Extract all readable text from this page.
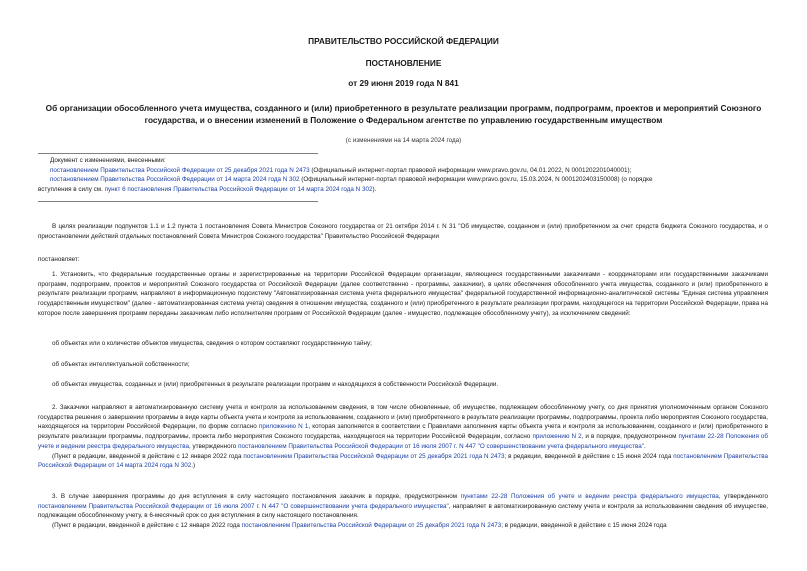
ПРАВИТЕЛЬСТВО РОССИЙСКОЙ ФЕДЕРАЦИИ
ПОСТАНОВЛЕНИЕ
от 29 июня 2019 года N 841
Об организации обособленного учета имущества, созданного и (или) приобретенного в результате реализации программ, подпрограмм, проектов и мероприятий Союзного государства, и о внесении изменений в Положение о Федеральном агентстве по управлению государственным имуществом
(с изменениями на 14 марта 2024 года)
Документ с изменениями, внесенными:
постановлением Правительства Российской Федерации от 25 декабря 2021 года N 2473 (Официальный интернет-портал правовой информации www.pravo.gov.ru, 04.01.2022, N 0001202201040001);
постановлением Правительства Российской Федерации от 14 марта 2024 года N 302 (Официальный интернет-портал правовой информации www.pravo.gov.ru, 15.03.2024, N 0001202403150008) (о порядке
вступления в силу см. пункт 6 постановления Правительства Российской Федерации от 14 марта 2024 года N 302).

В целях реализации подпунктов 1.1 и 1.2 пункта 1 постановления Совета Министров Союзного государства от 21 октября 2014 г. N 31 "Об имуществе, созданном и (или) приобретенном за счет средств бюджета Союзного государства, и о приостановлении действий отдельных постановлений Совета Министров Союзного государства" Правительство Российской Федерации

постановляет:

1. Установить, что федеральные государственные органы и зарегистрированные на территории Российской Федерации организации, являющиеся государственными заказчиками - координаторами или государственными заказчиками программ, подпрограмм, проектов и мероприятий Союзного государства от Российской Федерации (далее соответственно - программы, заказчики), в целях обеспечения обособленного учета имущества, созданного и (или) приобретенного в результате реализации программ, направляют в информационную подсистему "Автоматизированная система учета федерального имущества" федеральной государственной информационно-аналитической системы "Единая система управления государственным имуществом" (далее - автоматизированная система учета) сведения в отношении имущества, созданного и (или) приобретенного в результате реализации программ, находящегося на территории Российской Федерации, права на которое после завершения программ переданы заказчикам либо исполнителям программ от Российской Федерации (далее - имущество, подлежащее обособленному учету), за исключением сведений:

об объектах или о количестве объектов имущества, сведения о котором составляют государственную тайну;

об объектах интеллектуальной собственности;

об объектах имущества, созданных и (или) приобретенных в результате реализации программ и находящихся в собственности Российской Федерации.

2. Заказчики направляют в автоматизированную систему учета и контроля за использованием сведения, в том числе обновленные, об имуществе, подлежащем обособленному учету, со дня принятия уполномоченным органом Союзного государства решения о завершении программы в виде карты объекта учета и контроля за использованием, созданного и (или) приобретенного в результате реализации программы, подпрограммы, проекта либо мероприятия Союзного государства, находящегося на территории Российской Федерации, по форме согласно приложению N 1, которая заполняется в соответствии с Правилами заполнения карты объекта учета и контроля за использованием, созданного и (или) приобретенного в результате реализации программы, подпрограммы, проекта либо мероприятия Союзного государства, находящегося на территории Российской Федерации, согласно приложению N 2, и в порядке, предусмотренном пунктами 22-28 Положения об учете и ведении реестра федерального имущества, утвержденного постановлением Правительства Российской Федерации от 16 июля 2007 г. N 447 "О совершенствовании учета федерального имущества".

(Пункт в редакции, введенной в действие с 12 января 2022 года постановлением Правительства Российской Федерации от 25 декабря 2021 года N 2473; в редакции, введенной в действие с 15 июня 2024 года постановлением Правительства Российской Федерации от 14 марта 2024 года N 302.)

3. В случае завершения программы до дня вступления в силу настоящего постановления заказчик в порядке, предусмотренном пунктами 22-28 Положения об учете и ведении реестра федерального имущества, утвержденного постановлением Правительства Российской Федерации от 16 июля 2007 г. N 447 "О совершенствовании учета федерального имущества", направляет в автоматизированную систему учета и контроля за использованием сведения об имуществе, подлежащем обособленному учету, в 6-месячный срок со дня вступления в силу настоящего постановления.

(Пункт в редакции, введенной в действие с 12 января 2022 года постановлением Правительства Российской Федерации от 25 декабря 2021 года N 2473; в редакции, введенной в действие с 15 июня 2024 года
